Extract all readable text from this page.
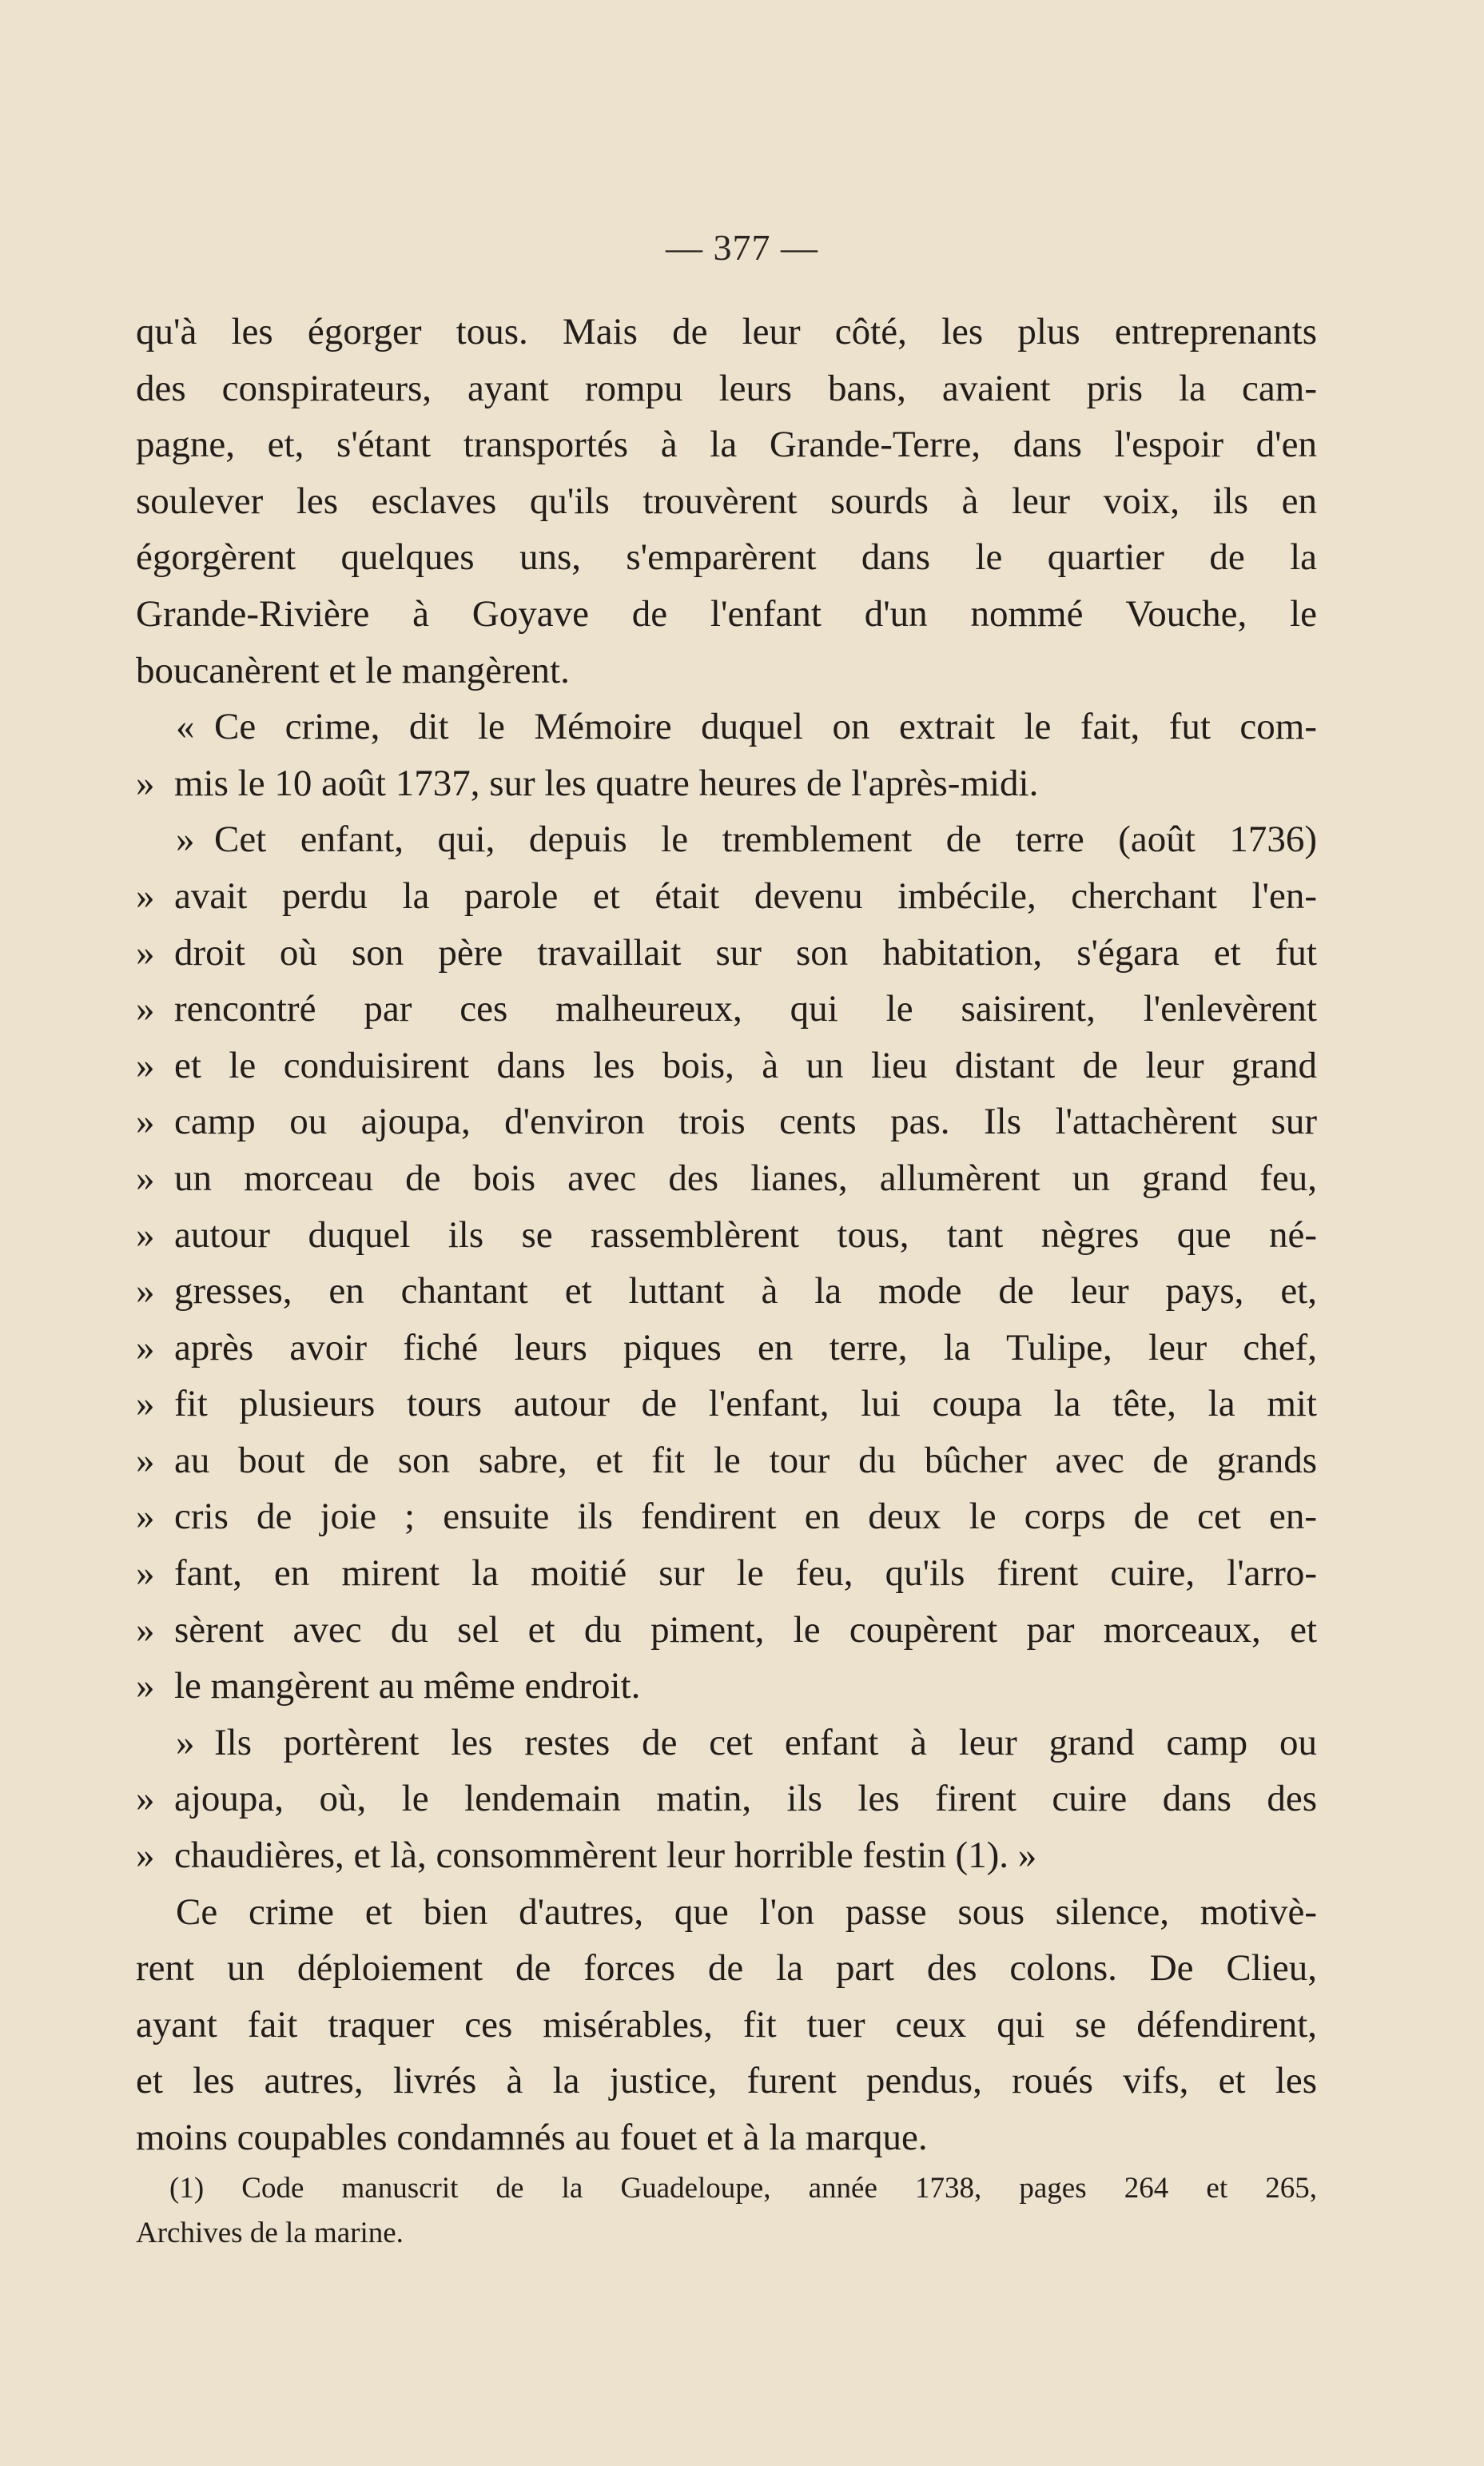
— 377 —
qu'à les égorger tous. Mais de leur côté, les plus entreprenants
des conspirateurs, ayant rompu leurs bans, avaient pris la cam-
pagne, et, s'étant transportés à la Grande-Terre, dans l'espoir d'en
soulever les esclaves qu'ils trouvèrent sourds à leur voix, ils en
égorgèrent quelques uns, s'emparèrent dans le quartier de la
Grande-Rivière à Goyave de l'enfant d'un nommé Vouche, le
boucanèrent et le mangèrent.
« Ce crime, dit le Mémoire duquel on extrait le fait, fut com-
» mis le 10 août 1737, sur les quatre heures de l'après-midi.
» Cet enfant, qui, depuis le tremblement de terre (août 1736)
» avait perdu la parole et était devenu imbécile, cherchant l'en-
» droit où son père travaillait sur son habitation, s'égara et fut
» rencontré par ces malheureux, qui le saisirent, l'enlevèrent
» et le conduisirent dans les bois, à un lieu distant de leur grand
» camp ou ajoupa, d'environ trois cents pas. Ils l'attachèrent sur
» un morceau de bois avec des lianes, allumèrent un grand feu,
» autour duquel ils se rassemblèrent tous, tant nègres que né-
» gresses, en chantant et luttant à la mode de leur pays, et,
» après avoir fiché leurs piques en terre, la Tulipe, leur chef,
» fit plusieurs tours autour de l'enfant, lui coupa la tête, la mit
» au bout de son sabre, et fit le tour du bûcher avec de grands
» cris de joie ; ensuite ils fendirent en deux le corps de cet en-
» fant, en mirent la moitié sur le feu, qu'ils firent cuire, l'arro-
» sèrent avec du sel et du piment, le coupèrent par morceaux, et
» le mangèrent au même endroit.
» Ils portèrent les restes de cet enfant à leur grand camp ou
» ajoupa, où, le lendemain matin, ils les firent cuire dans des
» chaudières, et là, consommèrent leur horrible festin (1). »
Ce crime et bien d'autres, que l'on passe sous silence, motivè-
rent un déploiement de forces de la part des colons. De Clieu,
ayant fait traquer ces misérables, fit tuer ceux qui se défendirent,
et les autres, livrés à la justice, furent pendus, roués vifs, et les
moins coupables condamnés au fouet et à la marque.
(1) Code manuscrit de la Guadeloupe, année 1738, pages 264 et 265,
Archives de la marine.
